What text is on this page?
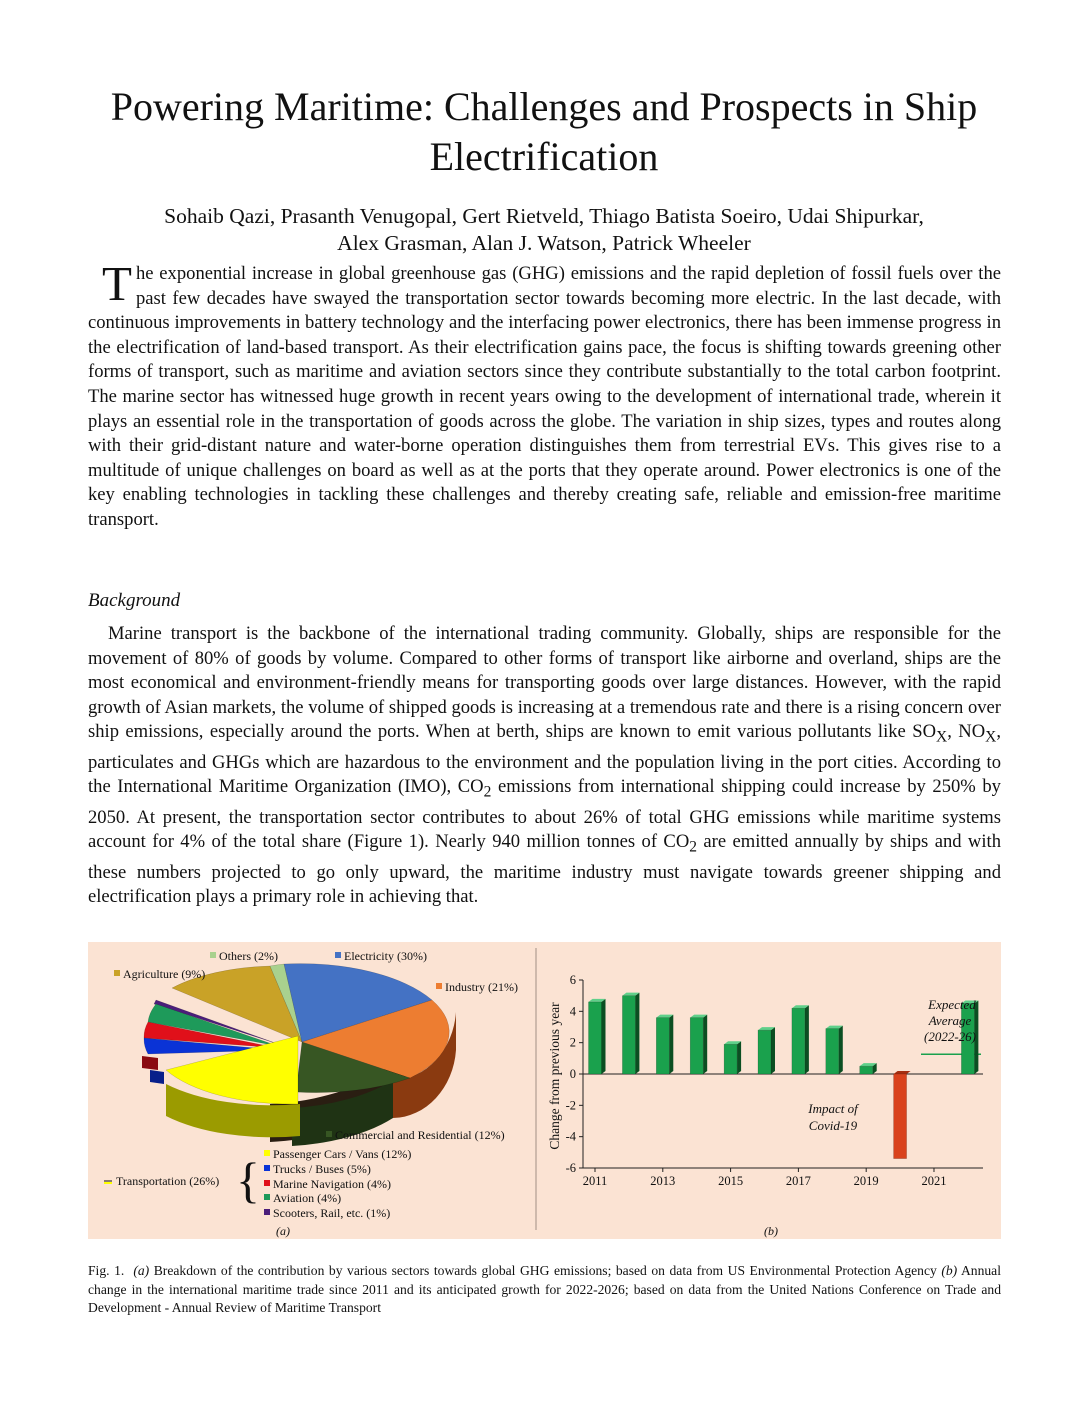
Powering Maritime: Challenges and Prospects in Ship Electrification
Sohaib Qazi, Prasanth Venugopal, Gert Rietveld, Thiago Batista Soeiro, Udai Shipurkar,
Alex Grasman, Alan J. Watson, Patrick Wheeler

The exponential increase in global greenhouse gas (GHG) emissions and the rapid depletion of fossil fuels over the past few decades have swayed the transportation sector towards becoming more electric. In the last decade, with continuous improvements in battery technology and the interfacing power electronics, there has been immense progress in the electrification of land-based transport. As their electrification gains pace, the focus is shifting towards greening other forms of transport, such as maritime and aviation sectors since they contribute substantially to the total carbon footprint. The marine sector has witnessed huge growth in recent years owing to the development of international trade, wherein it plays an essential role in the transportation of goods across the globe. The variation in ship sizes, types and routes along with their grid-distant nature and water-borne operation distinguishes them from terrestrial EVs. This gives rise to a multitude of unique challenges on board as well as at the ports that they operate around. Power electronics is one of the key enabling technologies in tackling these challenges and thereby creating safe, reliable and emission-free maritime transport.

Background

Marine transport is the backbone of the international trading community. Globally, ships are responsible for the movement of 80% of goods by volume. Compared to other forms of transport like airborne and overland, ships are the most economical and environment-friendly means for transporting goods over large distances. However, with the rapid growth of Asian markets, the volume of shipped goods is increasing at a tremendous rate and there is a rising concern over ship emissions, especially around the ports. When at berth, ships are known to emit various pollutants like $SO_X$, $NO_X$, particulates and GHGs which are hazardous to the environment and the population living in the port cities. According to the International Maritime Organization (IMO), $CO_2$ emissions from international shipping could increase by 250% by 2050. At present, the transportation sector contributes to about 26% of total GHG emissions while maritime systems account for 4% of the total share (Figure 1). Nearly 940 million tonnes of $CO_2$ are emitted annually by ships and with these numbers projected to go only upward, the maritime industry must navigate towards greener shipping and electrification plays a primary role in achieving that.

Others (2%)	Electricity (30%)
Agriculture (9%)
Industry (21%)
Commercial and Residential (12%)
Transportation (26%) { Passenger Cars / Vans (12%)
Trucks / Buses (5%)
Marine Navigation (4%)
Aviation (4%)
Scooters, Rail, etc. (1%)
(a)
-6
-4
-2
0
2
4
6
2011	2013	2015	2017	2019	2021
Change from previous year	Expected
Average
(2022-26)
Impact of
Covid-19
(b)
Fig. 1. (a) Breakdown of the contribution by various sectors towards global GHG emissions; based on data from US Environmental Protection Agency (b) Annual change in the international maritime trade since 2011 and its anticipated growth for 2022-2026; based on data from the United Nations Conference on Trade and Development - Annual Review of Maritime Transport
